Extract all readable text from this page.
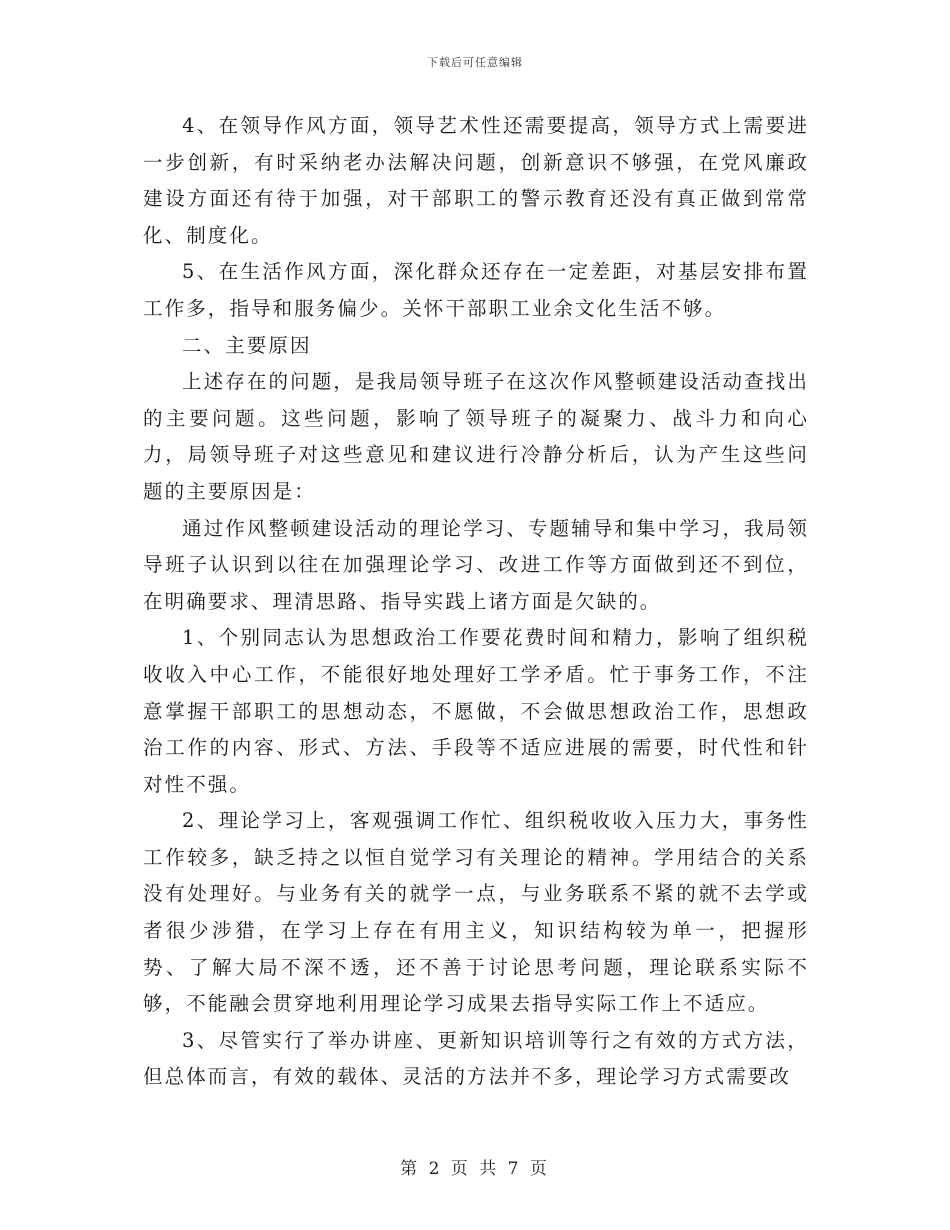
下载后可任意编辑

4、在领导作风方面，领导艺术性还需要提高，领导方式上需要进一步创新，有时采纳老办法解决问题，创新意识不够强，在党风廉政建设方面还有待于加强，对干部职工的警示教育还没有真正做到常常化、制度化。

5、在生活作风方面，深化群众还存在一定差距，对基层安排布置工作多，指导和服务偏少。关怀干部职工业余文化生活不够。

二、主要原因

上述存在的问题，是我局领导班子在这次作风整顿建设活动查找出的主要问题。这些问题，影响了领导班子的凝聚力、战斗力和向心力，局领导班子对这些意见和建议进行冷静分析后，认为产生这些问题的主要原因是：

通过作风整顿建设活动的理论学习、专题辅导和集中学习，我局领导班子认识到以往在加强理论学习、改进工作等方面做到还不到位，在明确要求、理清思路、指导实践上诸方面是欠缺的。

1、个别同志认为思想政治工作要花费时间和精力，影响了组织税收收入中心工作，不能很好地处理好工学矛盾。忙于事务工作，不注意掌握干部职工的思想动态，不愿做，不会做思想政治工作，思想政治工作的内容、形式、方法、手段等不适应进展的需要，时代性和针对性不强。

2、理论学习上，客观强调工作忙、组织税收收入压力大，事务性工作较多，缺乏持之以恒自觉学习有关理论的精神。学用结合的关系没有处理好。与业务有关的就学一点，与业务联系不紧的就不去学或者很少涉猎，在学习上存在有用主义，知识结构较为单一，把握形势、了解大局不深不透，还不善于讨论思考问题，理论联系实际不够，不能融会贯穿地利用理论学习成果去指导实际工作上不适应。

3、尽管实行了举办讲座、更新知识培训等行之有效的方式方法，但总体而言，有效的载体、灵活的方法并不多，理论学习方式需要改

第 2 页 共 7 页
